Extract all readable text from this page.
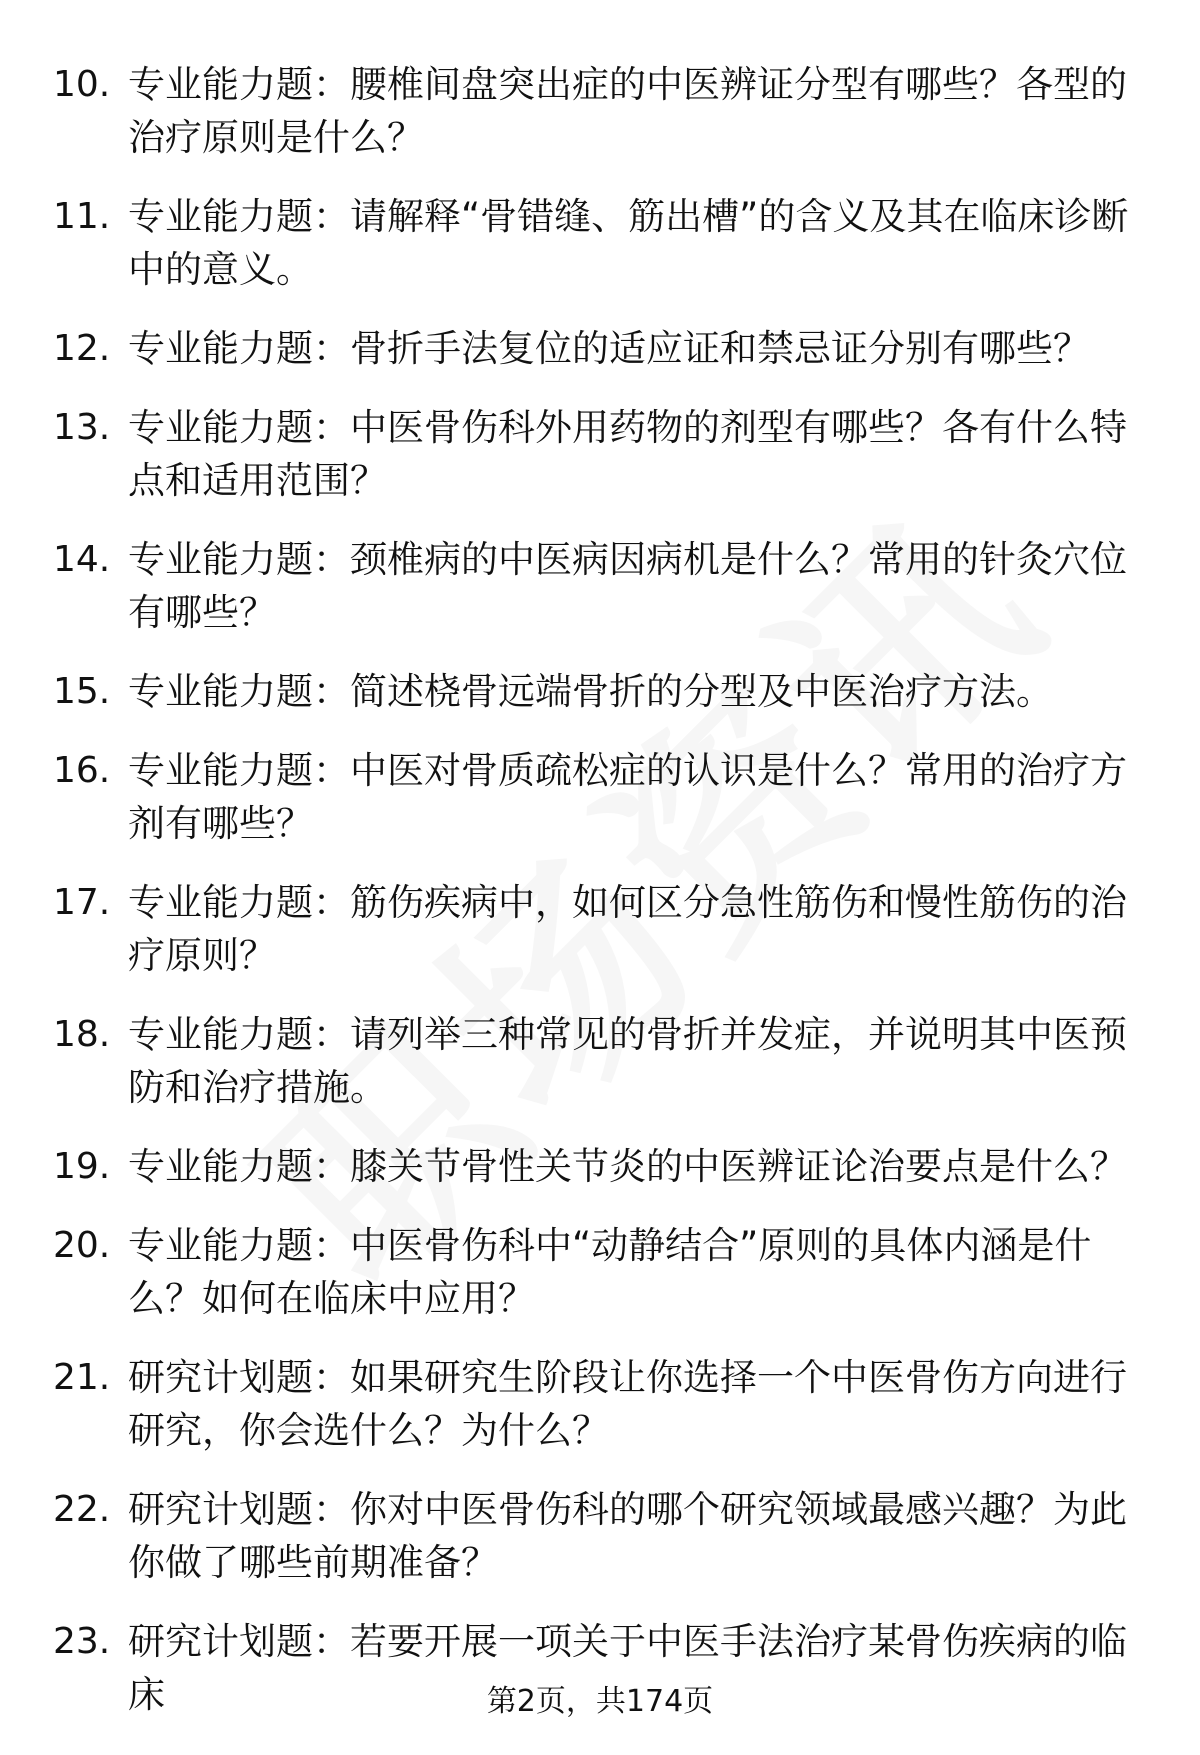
10. 专业能力题：腰椎间盘突出症的中医辨证分型有哪些？各型的治疗原则是什么？
11. 专业能力题：请解释“骨错缝、筋出槽”的含义及其在临床诊断中的意义。
12. 专业能力题：骨折手法复位的适应证和禁忌证分别有哪些？
13. 专业能力题：中医骨伤科外用药物的剂型有哪些？各有什么特点和适用范围？
14. 专业能力题：颈椎病的中医病因病机是什么？常用的针灸穴位有哪些？
15. 专业能力题：简述桡骨远端骨折的分型及中医治疗方法。
16. 专业能力题：中医对骨质疏松症的认识是什么？常用的治疗方剂有哪些？
17. 专业能力题：筋伤疾病中，如何区分急性筋伤和慢性筋伤的治疗原则？
18. 专业能力题：请列举三种常见的骨折并发症，并说明其中医预防和治疗措施。
19. 专业能力题：膝关节骨性关节炎的中医辨证论治要点是什么？
20. 专业能力题：中医骨伤科中“动静结合”原则的具体内涵是什么？如何在临床中应用？
21. 研究计划题：如果研究生阶段让你选择一个中医骨伤方向进行研究，你会选什么？为什么？
22. 研究计划题：你对中医骨伤科的哪个研究领域最感兴趣？为此你做了哪些前期准备？
23. 研究计划题：若要开展一项关于中医手法治疗某骨伤疾病的临床	第2页，共174页
